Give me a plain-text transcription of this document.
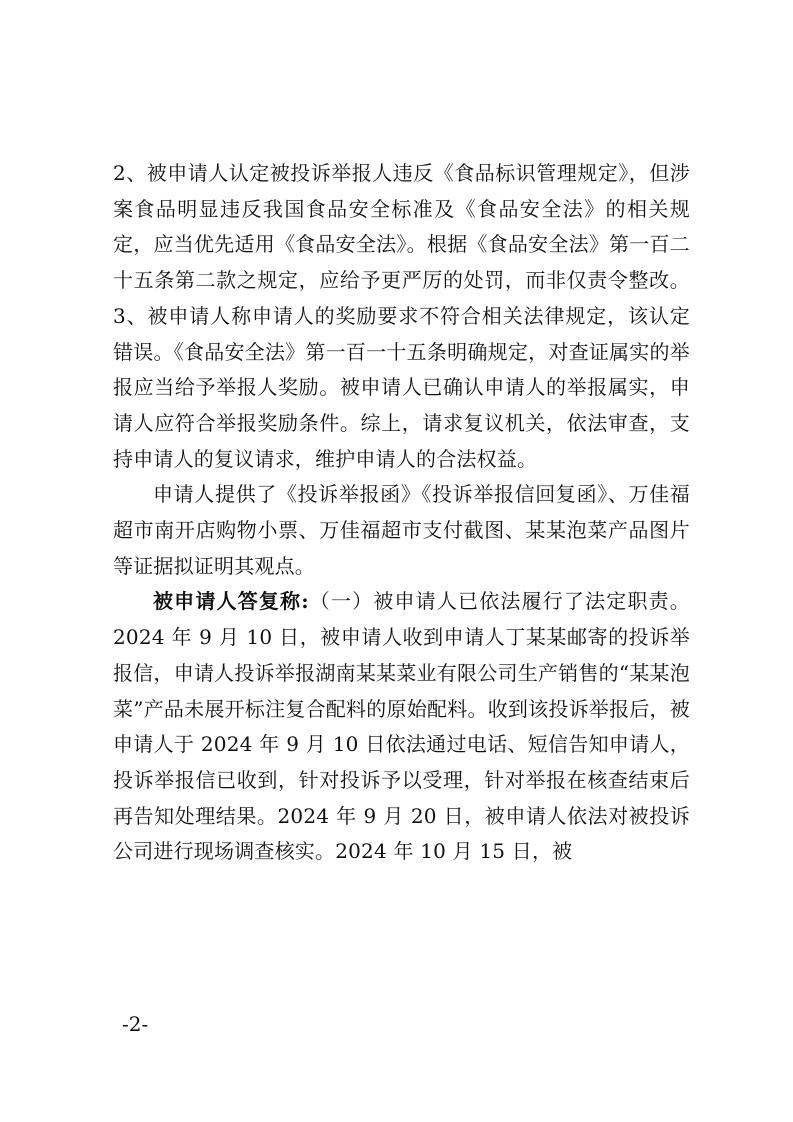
2、被申请人认定被投诉举报人违反《食品标识管理规定》，但涉案食品明显违反我国食品安全标准及《食品安全法》的相关规定，应当优先适用《食品安全法》。根据《食品安全法》第一百二十五条第二款之规定，应给予更严厉的处罚，而非仅责令整改。3、被申请人称申请人的奖励要求不符合相关法律规定，该认定错误。《食品安全法》第一百一十五条明确规定，对查证属实的举报应当给予举报人奖励。被申请人已确认申请人的举报属实，申请人应符合举报奖励条件。综上，请求复议机关，依法审查，支持申请人的复议请求，维护申请人的合法权益。

申请人提供了《投诉举报函》《投诉举报信回复函》、万佳福超市南开店购物小票、万佳福超市支付截图、某某泡菜产品图片等证据拟证明其观点。

被申请人答复称:（一）被申请人已依法履行了法定职责。2024 年 9 月 10 日，被申请人收到申请人丁某某邮寄的投诉举报信，申请人投诉举报湖南某某菜业有限公司生产销售的“某某泡菜”产品未展开标注复合配料的原始配料。收到该投诉举报后，被申请人于 2024 年 9 月 10 日依法通过电话、短信告知申请人，投诉举报信已收到，针对投诉予以受理，针对举报在核查结束后再告知处理结果。2024 年 9 月 20 日，被申请人依法对被投诉公司进行现场调查核实。2024 年 10 月 15 日，被

-2-
